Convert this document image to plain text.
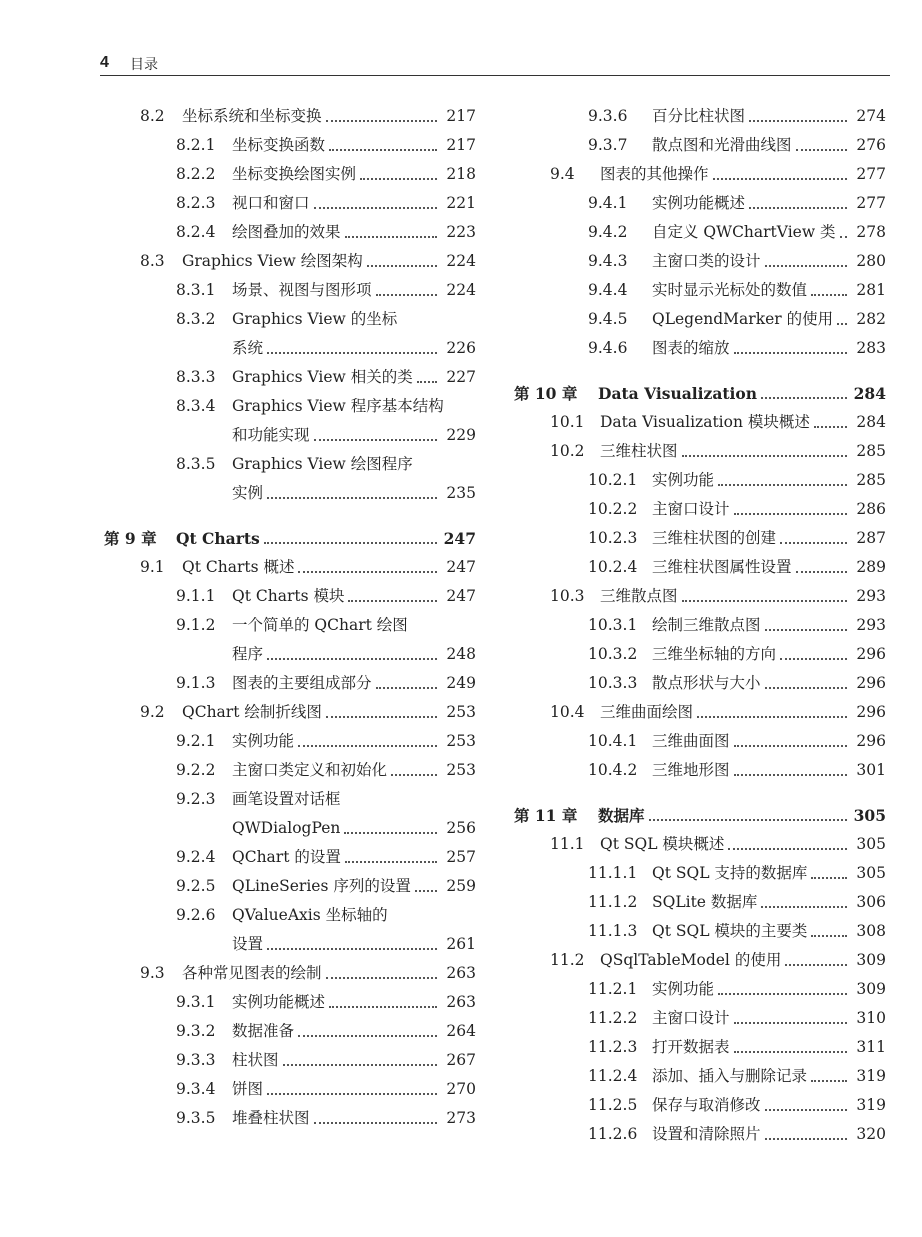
4 目录
8.2 坐标系统和坐标变换	217
8.2.1 坐标变换函数	217
8.2.2 坐标变换绘图实例	218
8.2.3 视口和窗口	221
8.2.4 绘图叠加的效果	223
8.3 Graphics View 绘图架构	224
8.3.1 场景、视图与图形项	224
8.3.2 Graphics View 的坐标
系统	226
8.3.3 Graphics View 相关的类 227
8.3.4 Graphics View 程序基本结构
和功能实现	229
8.3.5 Graphics View 绘图程序
实例	235
第 9 章 Qt Charts	247
9.1 Qt Charts 概述	247
9.1.1 Qt Charts 模块	247
9.1.2 一个简单的 QChart 绘图
程序	248
9.1.3 图表的主要组成部分	249
9.2 QChart 绘制折线图	253
9.2.1 实例功能	253
9.2.2 主窗口类定义和初始化	253
9.2.3 画笔设置对话框
QWDialogPen	256
9.2.4 QChart 的设置	257
9.2.5 QLineSeries 序列的设置 259
9.2.6 QValueAxis 坐标轴的
设置	261
9.3 各种常见图表的绘制	263
9.3.1 实例功能概述	263
9.3.2 数据准备	264
9.3.3 柱状图	267
9.3.4 饼图	270
9.3.5 堆叠柱状图	273
9.3.6 百分比柱状图	274
9.3.7 散点图和光滑曲线图	276
9.4 图表的其他操作	277
9.4.1 实例功能概述	277
9.4.2 自定义 QWChartView 类 278
9.4.3 主窗口类的设计	280
9.4.4 实时显示光标处的数值	281
9.4.5 QLegendMarker 的使用 282
9.4.6 图表的缩放	283
第 10 章 Data Visualization	284
10.1 Data Visualization 模块概述	284
10.2 三维柱状图	285
10.2.1 实例功能	285
10.2.2 主窗口设计	286
10.2.3 三维柱状图的创建	287
10.2.4 三维柱状图属性设置	289
10.3 三维散点图	293
10.3.1 绘制三维散点图	293
10.3.2 三维坐标轴的方向	296
10.3.3 散点形状与大小	296
10.4 三维曲面绘图	296
10.4.1 三维曲面图	296
10.4.2 三维地形图	301
第 11 章 数据库	305
11.1 Qt SQL 模块概述	305
11.1.1 Qt SQL 支持的数据库	305
11.1.2 SQLite 数据库	306
11.1.3 Qt SQL 模块的主要类	308
11.2 QSqlTableModel 的使用	309
11.2.1 实例功能	309
11.2.2 主窗口设计	310
11.2.3 打开数据表	311
11.2.4 添加、插入与删除记录	319
11.2.5 保存与取消修改	319
11.2.6 设置和清除照片	320
